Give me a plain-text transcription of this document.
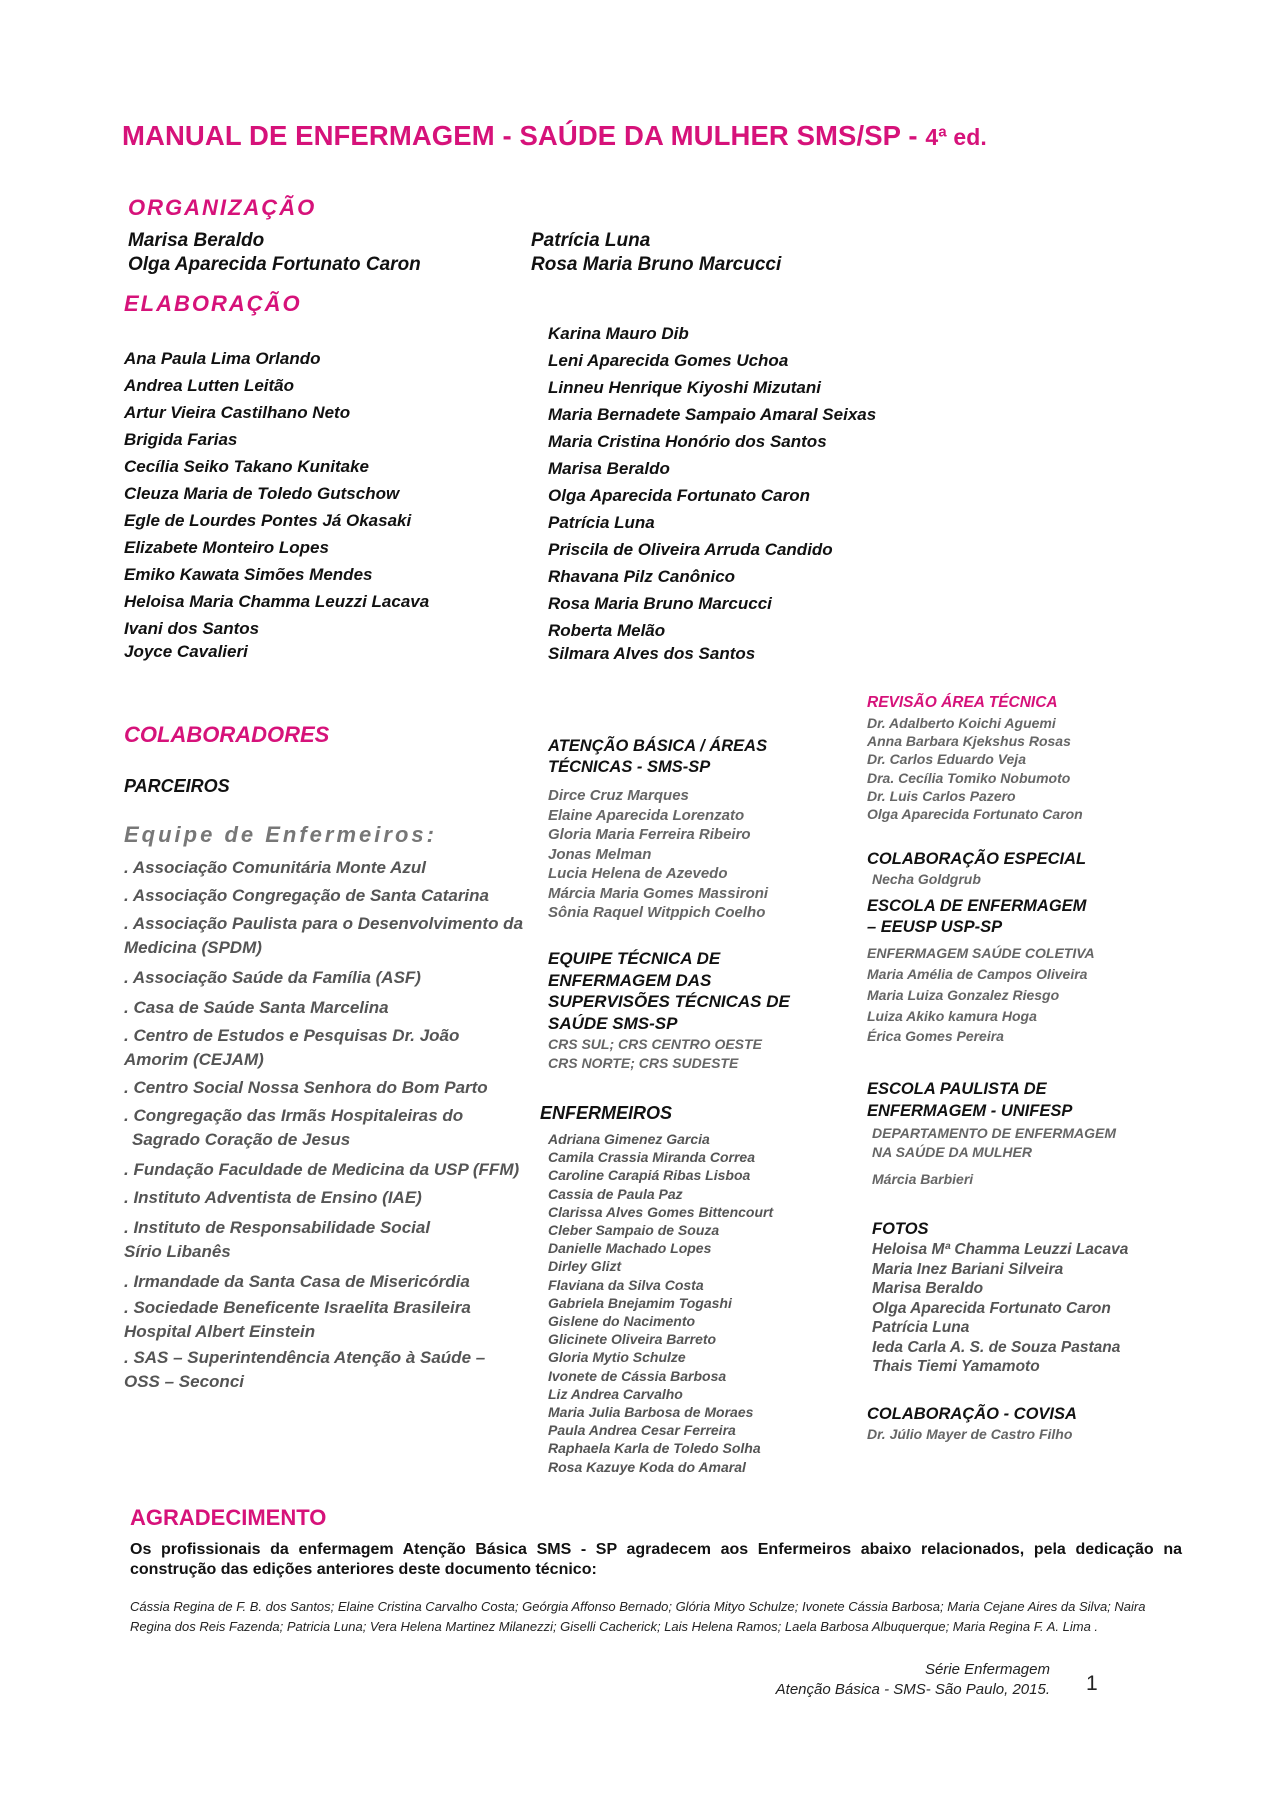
MANUAL DE ENFERMAGEM - SAÚDE DA MULHER SMS/SP - 4ª ed.
ORGANIZAÇÃO
Marisa Beraldo
Olga Aparecida Fortunato Caron
Patrícia Luna
Rosa Maria Bruno Marcucci
ELABORAÇÃO
Ana Paula Lima Orlando
Andrea Lutten Leitão
Artur Vieira Castilhano Neto
Brigida Farias
Cecília Seiko Takano Kunitake
Cleuza Maria de Toledo Gutschow
Egle de Lourdes Pontes Já Okasaki
Elizabete Monteiro Lopes
Emiko Kawata Simões Mendes
Heloisa Maria Chamma Leuzzi Lacava
Ivani dos Santos
Joyce Cavalieri
Karina Mauro Dib
Leni Aparecida Gomes Uchoa
Linneu Henrique Kiyoshi Mizutani
Maria Bernadete Sampaio Amaral Seixas
Maria Cristina Honório dos Santos
Marisa Beraldo
Olga Aparecida Fortunato Caron
Patrícia Luna
Priscila de Oliveira Arruda Candido
Rhavana Pilz Canônico
Rosa Maria Bruno Marcucci
Roberta Melão
Silmara Alves dos Santos
COLABORADORES
PARCEIROS
Equipe de Enfermeiros:
. Associação Comunitária Monte Azul
. Associação Congregação de Santa Catarina
. Associação Paulista para o Desenvolvimento da Medicina (SPDM)
. Associação Saúde da Família (ASF)
. Casa de Saúde Santa Marcelina
. Centro de Estudos e Pesquisas Dr. João Amorim (CEJAM)
. Centro Social Nossa Senhora do Bom Parto
. Congregação das Irmãs Hospitaleiras do Sagrado Coração de Jesus
. Fundação Faculdade de Medicina da USP (FFM)
. Instituto Adventista de Ensino (IAE)
. Instituto de Responsabilidade Social Sírio Libanês
. Irmandade da Santa Casa de Misericórdia
. Sociedade Beneficente Israelita Brasileira Hospital Albert Einstein
. SAS – Superintendência Atenção à Saúde – OSS – Seconci
ATENÇÃO BÁSICA / ÁREAS
TÉCNICAS - SMS-SP
Dirce Cruz Marques
Elaine Aparecida Lorenzato
Gloria Maria Ferreira Ribeiro
Jonas Melman
Lucia Helena de Azevedo
Márcia Maria Gomes Massironi
Sônia Raquel Witppich Coelho
EQUIPE TÉCNICA DE
ENFERMAGEM DAS
SUPERVISÕES TÉCNICAS DE
SAÚDE SMS-SP
CRS SUL; CRS CENTRO OESTE
CRS NORTE; CRS SUDESTE
ENFERMEIROS
Adriana Gimenez Garcia
Camila Crassia Miranda Correa
Caroline Carapiá Ribas Lisboa
Cassia de Paula Paz
Clarissa Alves Gomes Bittencourt
Cleber Sampaio de Souza
Danielle Machado Lopes
Dirley Glizt
Flaviana da Silva Costa
Gabriela Bnejamim Togashi
Gislene do Nacimento
Glicinete Oliveira Barreto
Gloria Mytio Schulze
Ivonete de Cássia Barbosa
Liz Andrea Carvalho
Maria Julia Barbosa de Moraes
Paula Andrea Cesar Ferreira
Raphaela Karla de Toledo Solha
Rosa Kazuye Koda do Amaral
REVISÃO ÁREA TÉCNICA
Dr. Adalberto Koichi Aguemi
Anna Barbara Kjekshus Rosas
Dr. Carlos Eduardo Veja
Dra. Cecília Tomiko Nobumoto
Dr. Luis Carlos Pazero
Olga Aparecida Fortunato Caron
COLABORAÇÃO ESPECIAL
Necha Goldgrub
ESCOLA DE ENFERMAGEM
– EEUSP USP-SP
ENFERMAGEM SAÚDE COLETIVA
Maria Amélia de Campos Oliveira
Maria Luiza Gonzalez Riesgo
Luiza Akiko kamura Hoga
Érica Gomes Pereira
ESCOLA PAULISTA DE
ENFERMAGEM - UNIFESP
DEPARTAMENTO DE ENFERMAGEM
NA SAÚDE DA MULHER
Márcia Barbieri
FOTOS
Heloisa Mª Chamma Leuzzi Lacava
Maria Inez Bariani Silveira
Marisa Beraldo
Olga Aparecida Fortunato Caron
Patrícia Luna
Ieda Carla A. S. de Souza Pastana
Thais Tiemi Yamamoto
COLABORAÇÃO - COVISA
Dr. Júlio Mayer de Castro Filho
AGRADECIMENTO
Os profissionais da enfermagem Atenção Básica SMS - SP agradecem aos Enfermeiros abaixo relacionados, pela dedicação na construção das edições anteriores deste documento técnico:
Cássia Regina de F. B. dos Santos; Elaine Cristina Carvalho Costa; Geórgia Affonso Bernado; Glória Mityo Schulze; Ivonete Cássia Barbosa; Maria Cejane Aires da Silva; Naira Regina dos Reis Fazenda; Patricia Luna; Vera Helena Martinez Milanezzi; Giselli Cacherick; Lais Helena Ramos; Laela Barbosa Albuquerque; Maria Regina F. A. Lima .
Série Enfermagem
Atenção Básica - SMS- São Paulo, 2015. 1
